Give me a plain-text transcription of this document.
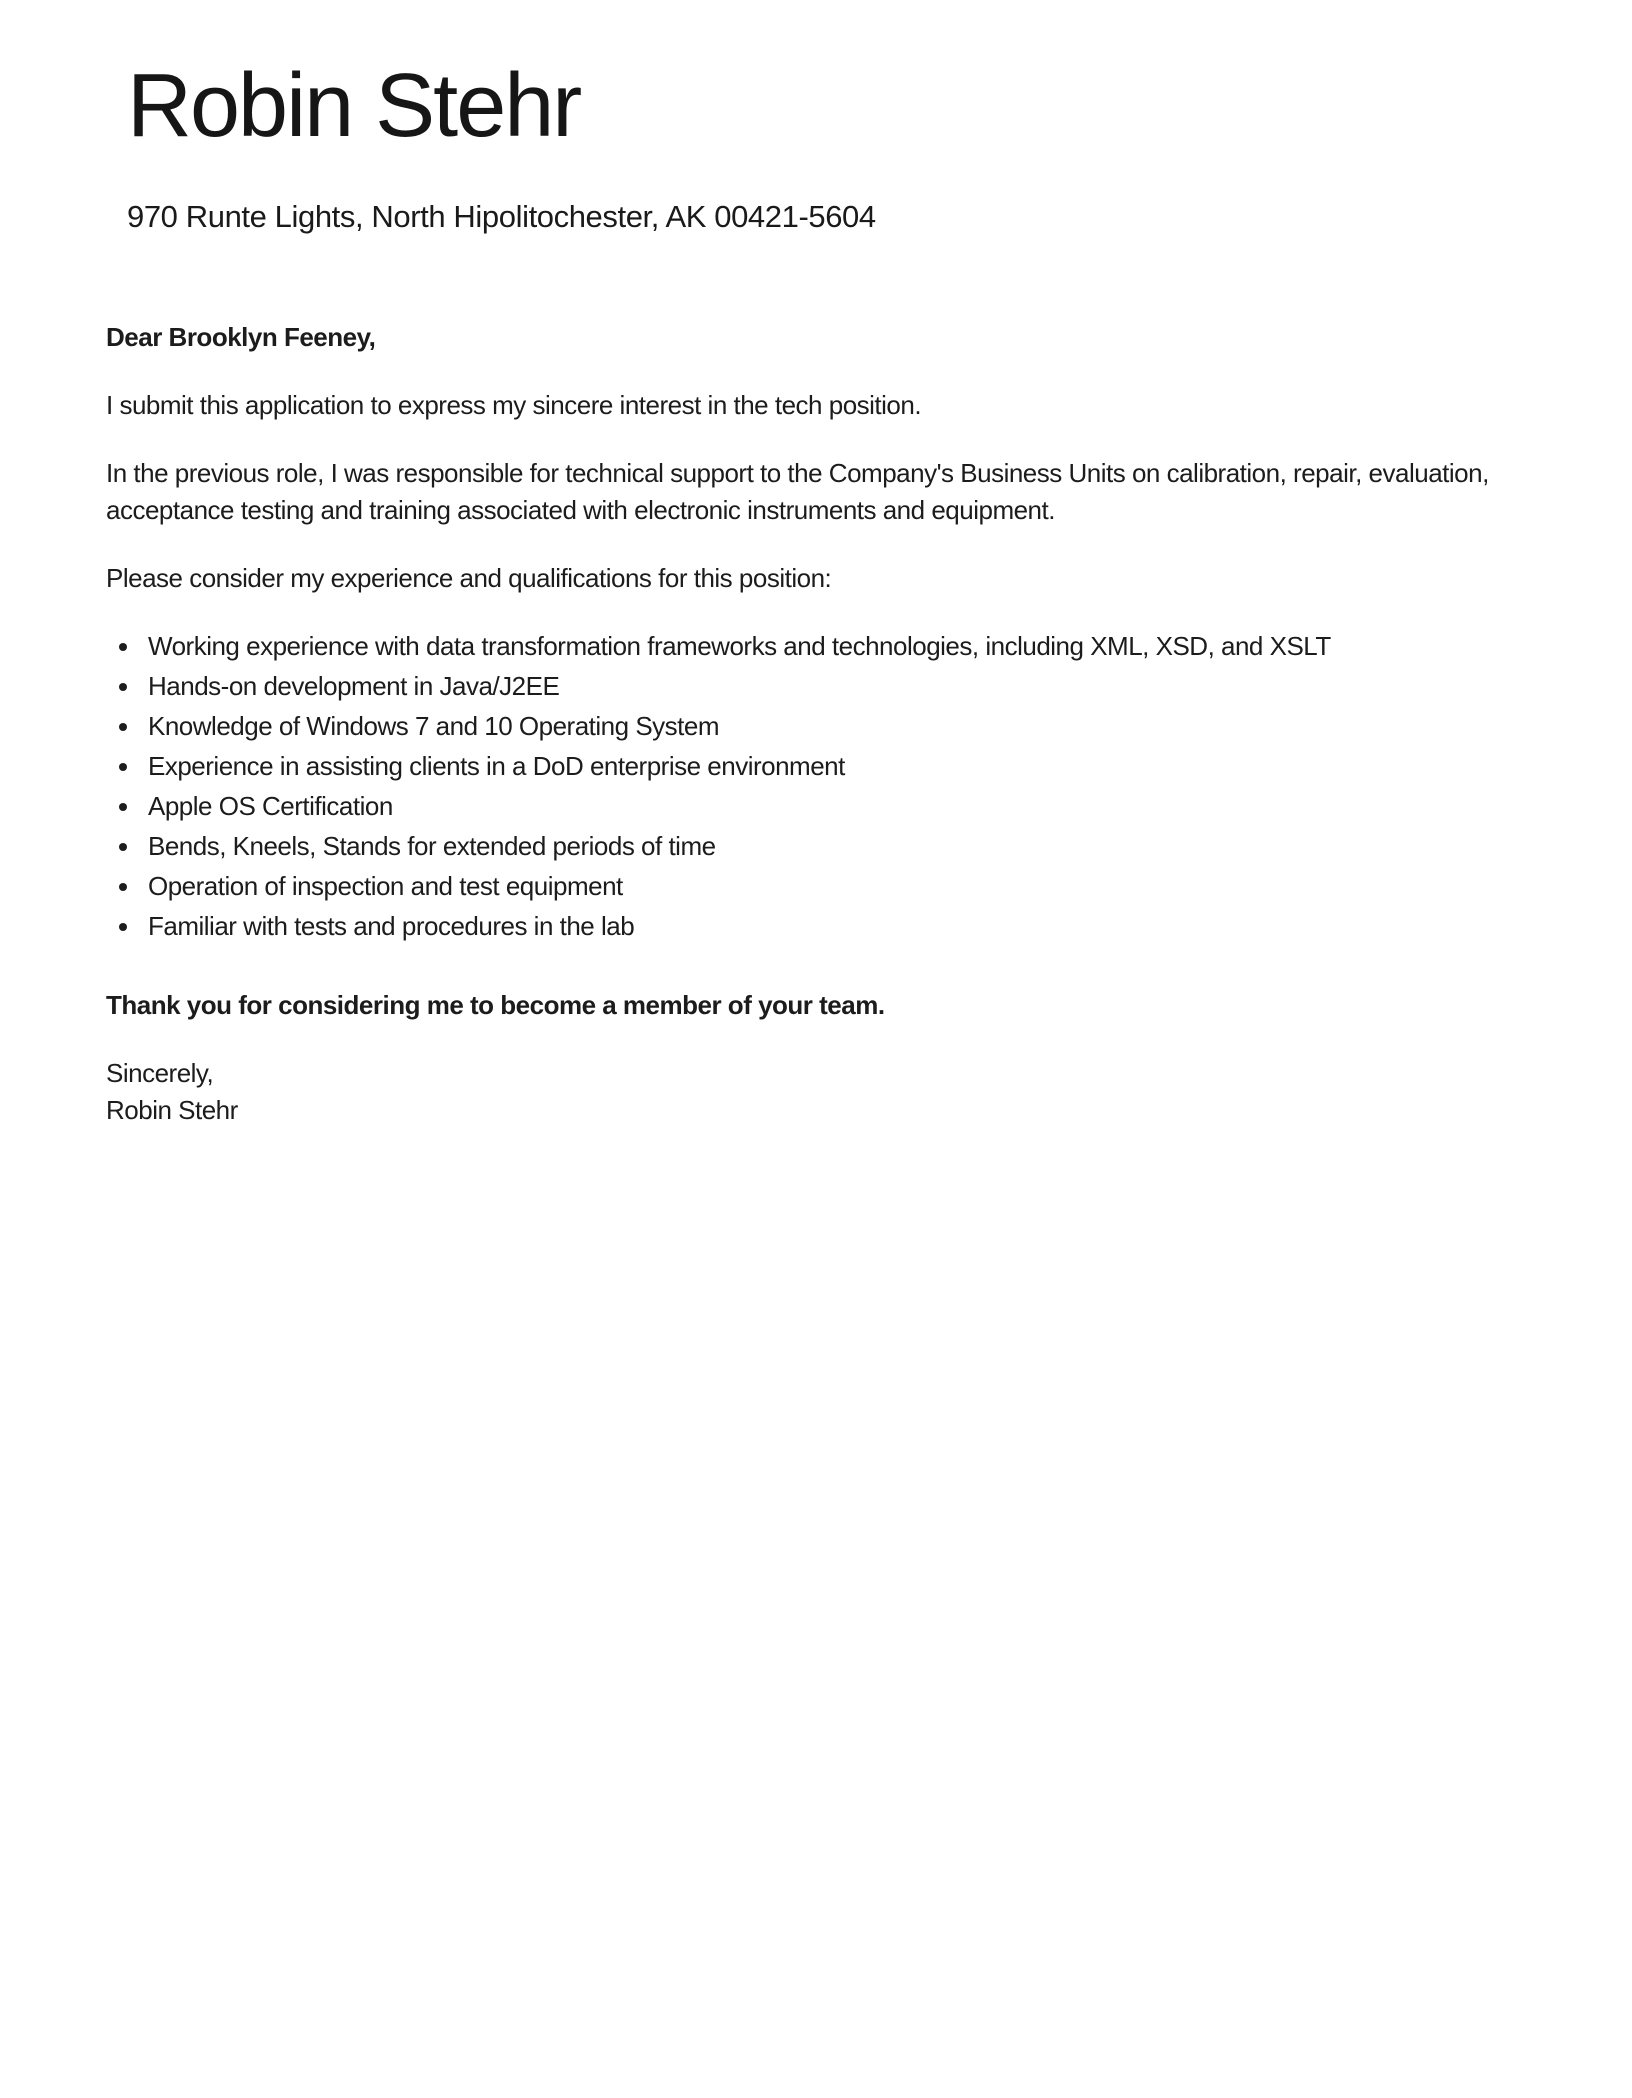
Robin Stehr
970 Runte Lights, North Hipolitochester, AK 00421-5604

Dear Brooklyn Feeney,

I submit this application to express my sincere interest in the tech position.

In the previous role, I was responsible for technical support to the Company's Business Units on calibration, repair, evaluation, acceptance testing and training associated with electronic instruments and equipment.

Please consider my experience and qualifications for this position:

• Working experience with data transformation frameworks and technologies, including XML, XSD, and XSLT
• Hands-on development in Java/J2EE
• Knowledge of Windows 7 and 10 Operating System
• Experience in assisting clients in a DoD enterprise environment
• Apple OS Certification
• Bends, Kneels, Stands for extended periods of time
• Operation of inspection and test equipment
• Familiar with tests and procedures in the lab

Thank you for considering me to become a member of your team.

Sincerely,
Robin Stehr
